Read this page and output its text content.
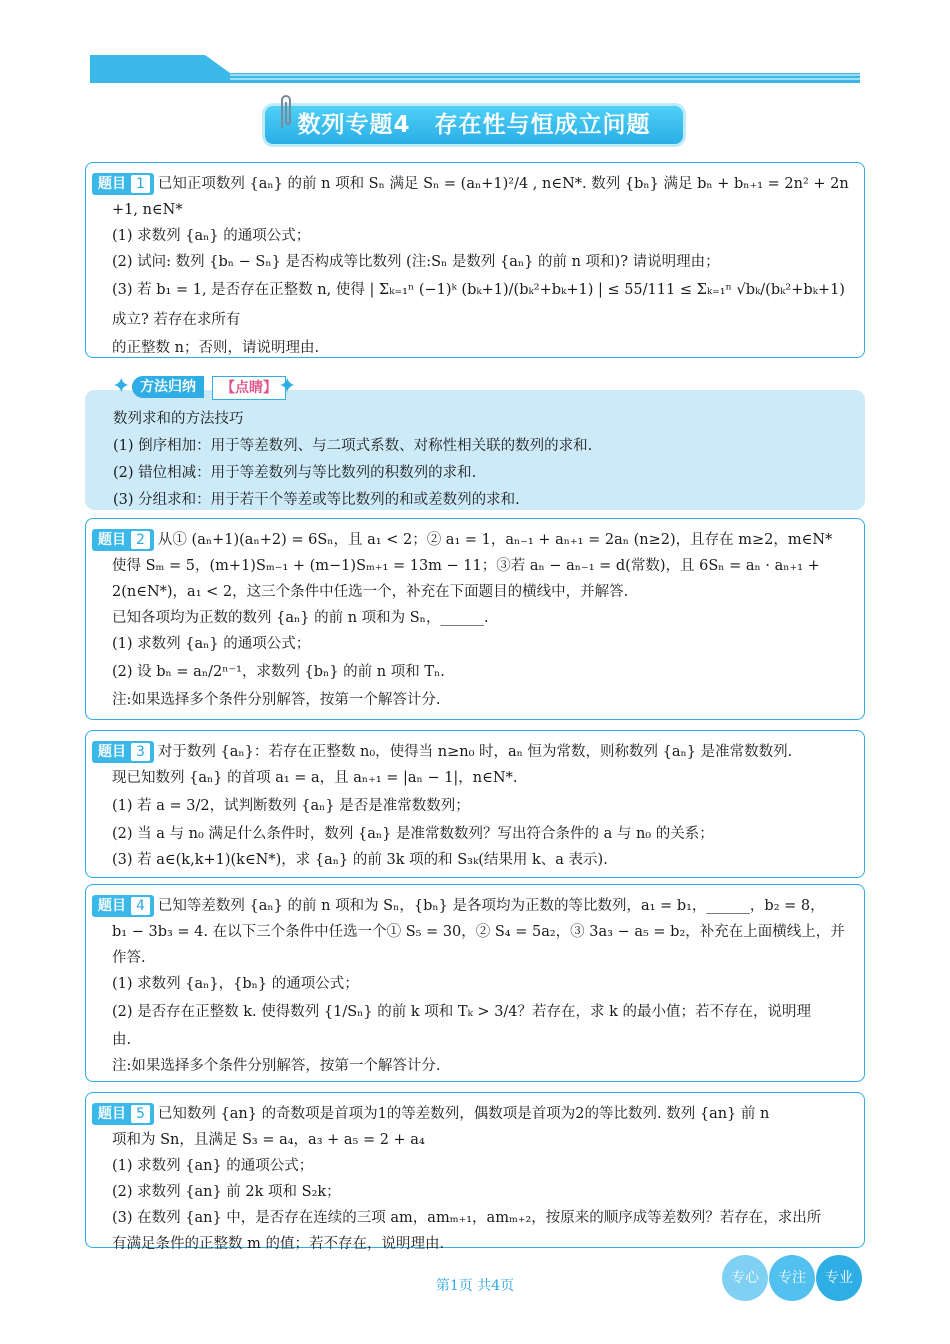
数列专题4　存在性与恒成立问题

题目 1 已知正项数列 {aₙ} 的前 n 项和 Sₙ 满足 Sₙ = (aₙ+1)²/4 , n∈N*. 数列 {bₙ} 满足 bₙ + bₙ₊₁ = 2n² + 2n

+1, n∈N*

(1) 求数列 {aₙ} 的通项公式；

(2) 试问: 数列 {bₙ − Sₙ} 是否构成等比数列 (注:Sₙ 是数列 {aₙ} 的前 n 项和)? 请说明理由；

(3) 若 b₁ = 1, 是否存在正整数 n, 使得 | Σₖ₌₁ⁿ (−1)ᵏ (bₖ+1)/(bₖ²+bₖ+1) | ≤ 55/111 ≤ Σₖ₌₁ⁿ √bₖ/(bₖ²+bₖ+1) 成立? 若存在求所有

的正整数 n；否则，请说明理由.

数列求和的方法技巧

(1) 倒序相加：用于等差数列、与二项式系数、对称性相关联的数列的求和.

(2) 错位相减：用于等差数列与等比数列的积数列的求和.

(3) 分组求和：用于若干个等差或等比数列的和或差数列的求和.

✦ 方法归纳	【点睛】 ✦

题目 2 从① (aₙ+1)(aₙ+2) = 6Sₙ，且 a₁ < 2；② a₁ = 1，aₙ₋₁ + aₙ₊₁ = 2aₙ (n≥2)，且存在 m≥2，m∈N*

使得 Sₘ = 5，(m+1)Sₘ₋₁ + (m−1)Sₘ₊₁ = 13m − 11；③若 aₙ − aₙ₋₁ = d(常数)，且 6Sₙ = aₙ · aₙ₊₁ +

2(n∈N*)，a₁ < 2，这三个条件中任选一个，补充在下面题目的横线中，并解答.

已知各项均为正数的数列 {aₙ} 的前 n 项和为 Sₙ，______.

(1) 求数列 {aₙ} 的通项公式；

(2) 设 bₙ = aₙ/2ⁿ⁻¹，求数列 {bₙ} 的前 n 项和 Tₙ.

注:如果选择多个条件分别解答，按第一个解答计分.

题目 3 对于数列 {aₙ}：若存在正整数 n₀，使得当 n≥n₀ 时，aₙ 恒为常数，则称数列 {aₙ} 是准常数数列.

现已知数列 {aₙ} 的首项 a₁ = a，且 aₙ₊₁ = |aₙ − 1|，n∈N*.

(1) 若 a = 3/2，试判断数列 {aₙ} 是否是准常数数列；

(2) 当 a 与 n₀ 满足什么条件时，数列 {aₙ} 是准常数数列？写出符合条件的 a 与 n₀ 的关系；

(3) 若 a∈(k,k+1)(k∈N*)，求 {aₙ} 的前 3k 项的和 S₃ₖ(结果用 k、a 表示).

题目 4 已知等差数列 {aₙ} 的前 n 项和为 Sₙ，{bₙ} 是各项均为正数的等比数列，a₁ = b₁，______，b₂ = 8，

b₁ − 3b₃ = 4. 在以下三个条件中任选一个① S₅ = 30，② S₄ = 5a₂，③ 3a₃ − a₅ = b₂，补充在上面横线上，并

作答.

(1) 求数列 {aₙ}，{bₙ} 的通项公式；

(2) 是否存在正整数 k. 使得数列 {1/Sₙ} 的前 k 项和 Tₖ > 3/4？若存在，求 k 的最小值；若不存在，说明理

由.

注:如果选择多个条件分别解答，按第一个解答计分.

题目 5 已知数列 {an} 的奇数项是首项为1的等差数列，偶数项是首项为2的等比数列. 数列 {an} 前 n

项和为 Sn，且满足 S₃ = a₄，a₃ + a₅ = 2 + a₄

(1) 求数列 {an} 的通项公式；

(2) 求数列 {an} 前 2k 项和 S₂k；

(3) 在数列 {an} 中，是否存在连续的三项 am，amₘ₊₁，amₘ₊₂，按原来的顺序成等差数列？若存在，求出所

有满足条件的正整数 m 的值；若不存在，说明理由.

第1页 共4页	专心	专注	专业
